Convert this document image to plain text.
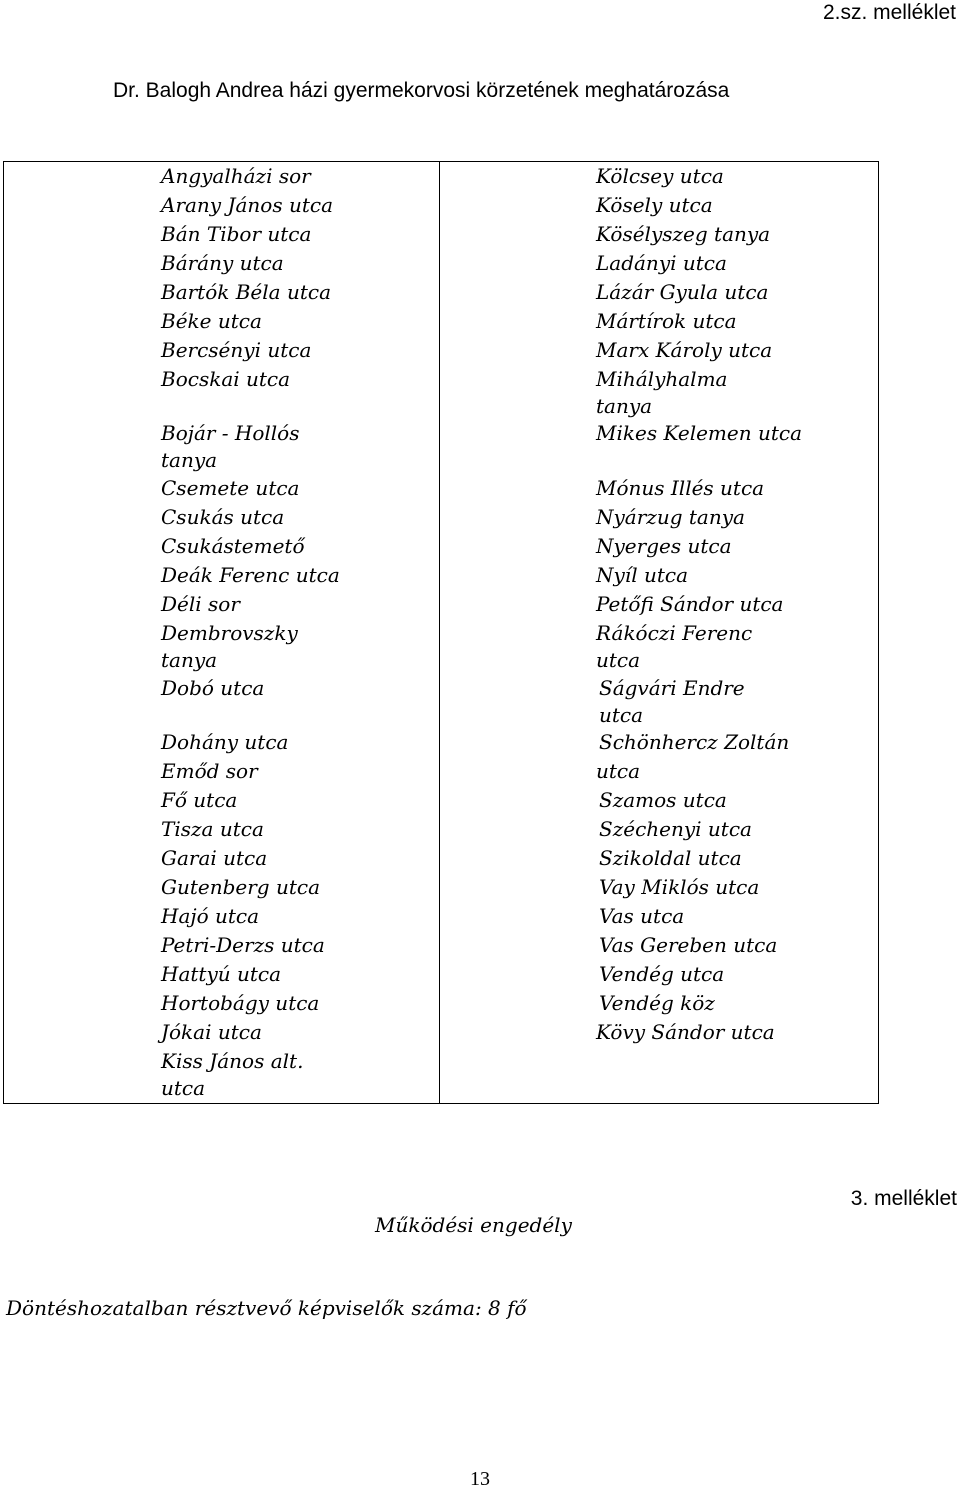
2.sz. melléklet
Dr. Balogh Andrea házi gyermekorvosi körzetének meghatározása
Angyalházi sor
Arany János utca
Bán Tibor utca
Bárány utca
Bartók Béla utca
Béke utca
Bercsényi utca
Bocskai utca
Bojár - Hollós
tanya
Csemete utca
Csukás utca
Csukástemető
Deák Ferenc utca
Déli sor
Dembrovszky
tanya
Dobó utca
Dohány utca
Emőd sor
Fő utca
Tisza utca
Garai utca
Gutenberg utca
Hajó utca
Petri-Derzs utca
Hattyú utca
Hortobágy utca
Jókai utca
Kiss János alt.
utca
Kölcsey utca
Kösely utca
Kösélyszeg tanya
Ladányi utca
Lázár Gyula utca
Mártírok utca
Marx Károly utca
Mihályhalma
tanya
Mikes Kelemen utca
Mónus Illés utca
Nyárzug tanya
Nyerges utca
Nyíl utca
Petőfi Sándor utca
Rákóczi Ferenc
utca
Ságvári Endre
utca
Schönhercz Zoltán
utca
Szamos utca
Széchenyi utca
Szikoldal utca
Vay Miklós utca
Vas utca
Vas Gereben utca
Vendég utca
Vendég köz
Kövy Sándor utca
Működési engedély
3. melléklet
Döntéshozatalban résztvevő képviselők száma: 8 fő
13
